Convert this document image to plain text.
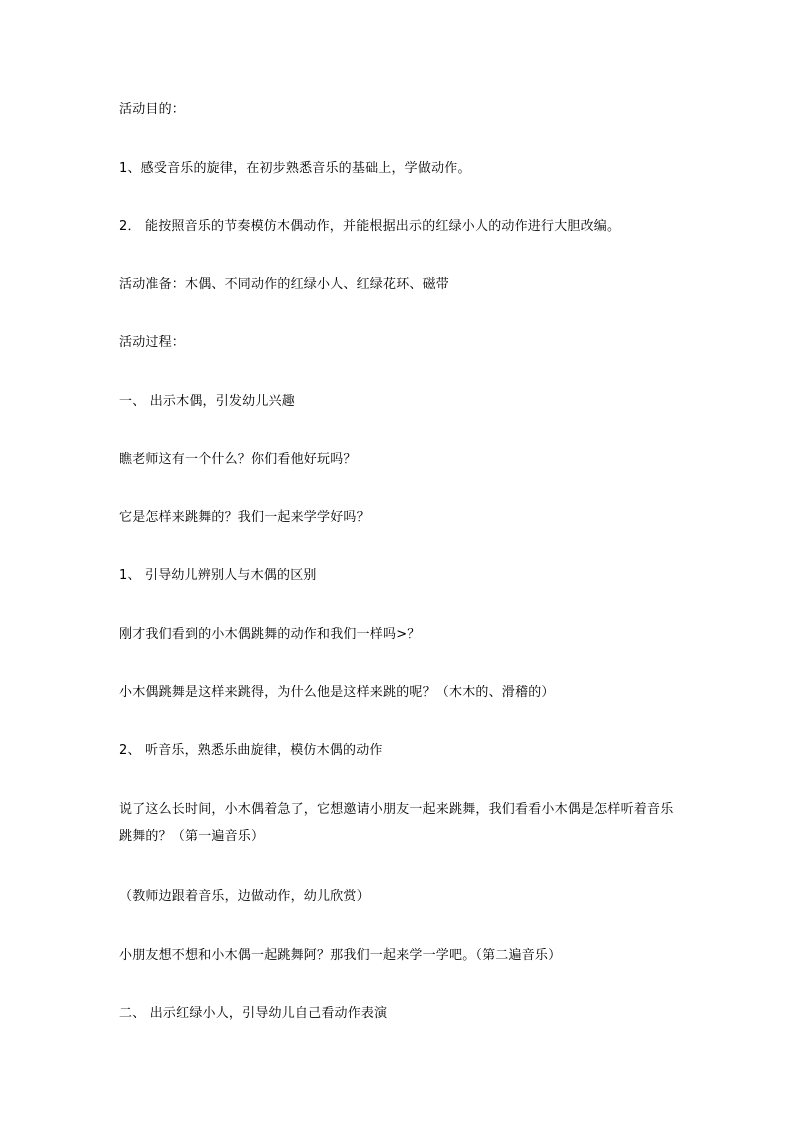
活动目的：
1、感受音乐的旋律，在初步熟悉音乐的基础上，学做动作。
2． 能按照音乐的节奏模仿木偶动作，并能根据出示的红绿小人的动作进行大胆改编。
活动准备：木偶、不同动作的红绿小人、红绿花环、磁带
活动过程：
一、 出示木偶，引发幼儿兴趣
瞧老师这有一个什么？你们看他好玩吗？
它是怎样来跳舞的？我们一起来学学好吗？
1、 引导幼儿辨别人与木偶的区别
刚才我们看到的小木偶跳舞的动作和我们一样吗>？
小木偶跳舞是这样来跳得，为什么他是这样来跳的呢？（木木的、滑稽的）
2、 听音乐，熟悉乐曲旋律，模仿木偶的动作
说了这么长时间，小木偶着急了，它想邀请小朋友一起来跳舞，我们看看小木偶是怎样听着音乐跳舞的？（第一遍音乐）
（教师边跟着音乐，边做动作，幼儿欣赏）
小朋友想不想和小木偶一起跳舞阿？那我们一起来学一学吧。（第二遍音乐）
二、 出示红绿小人，引导幼儿自己看动作表演
